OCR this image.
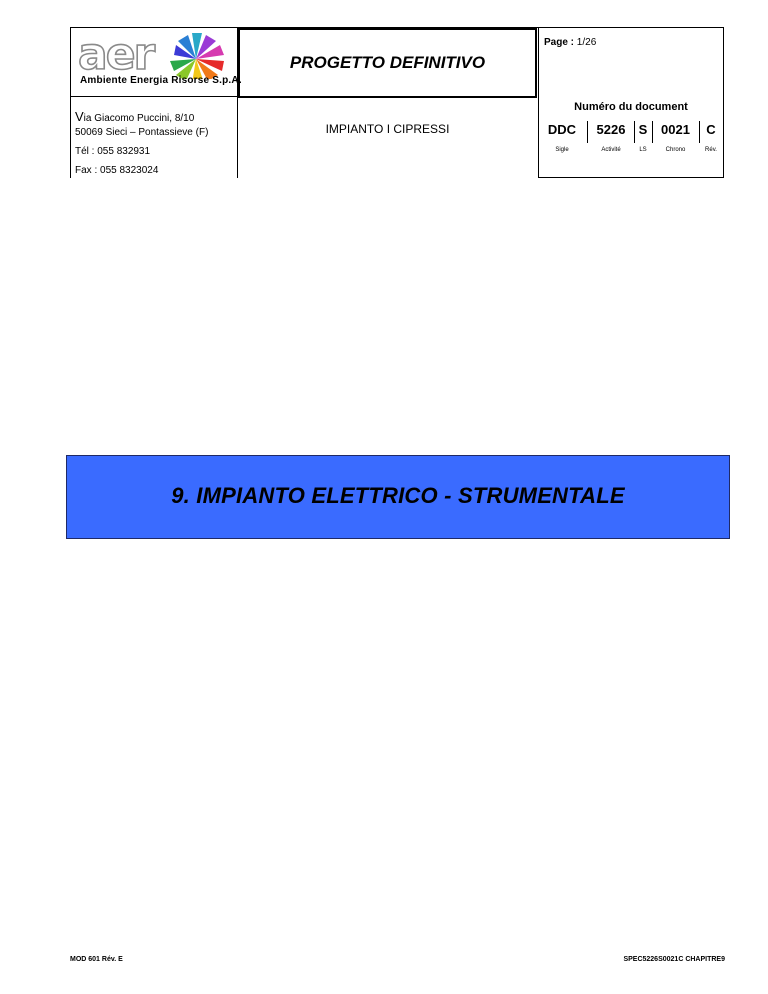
aer
Ambiente Energia Risorse S.p.A.
PROGETTO DEFINITIVO
Via Giacomo Puccini, 8/10
50069 Sieci – Pontassieve (F)
Tél : 055 832931
Fax : 055 8323024
IMPIANTO I CIPRESSI
Page : 1/26
Numéro du document
DDC	5226	S	0021	C
Sigle	Activité	LS	Chrono	Rév.
9. IMPIANTO ELETTRICO - STRUMENTALE
MOD 601 Rév. E	SPEC5226S0021C CHAPITRE9
